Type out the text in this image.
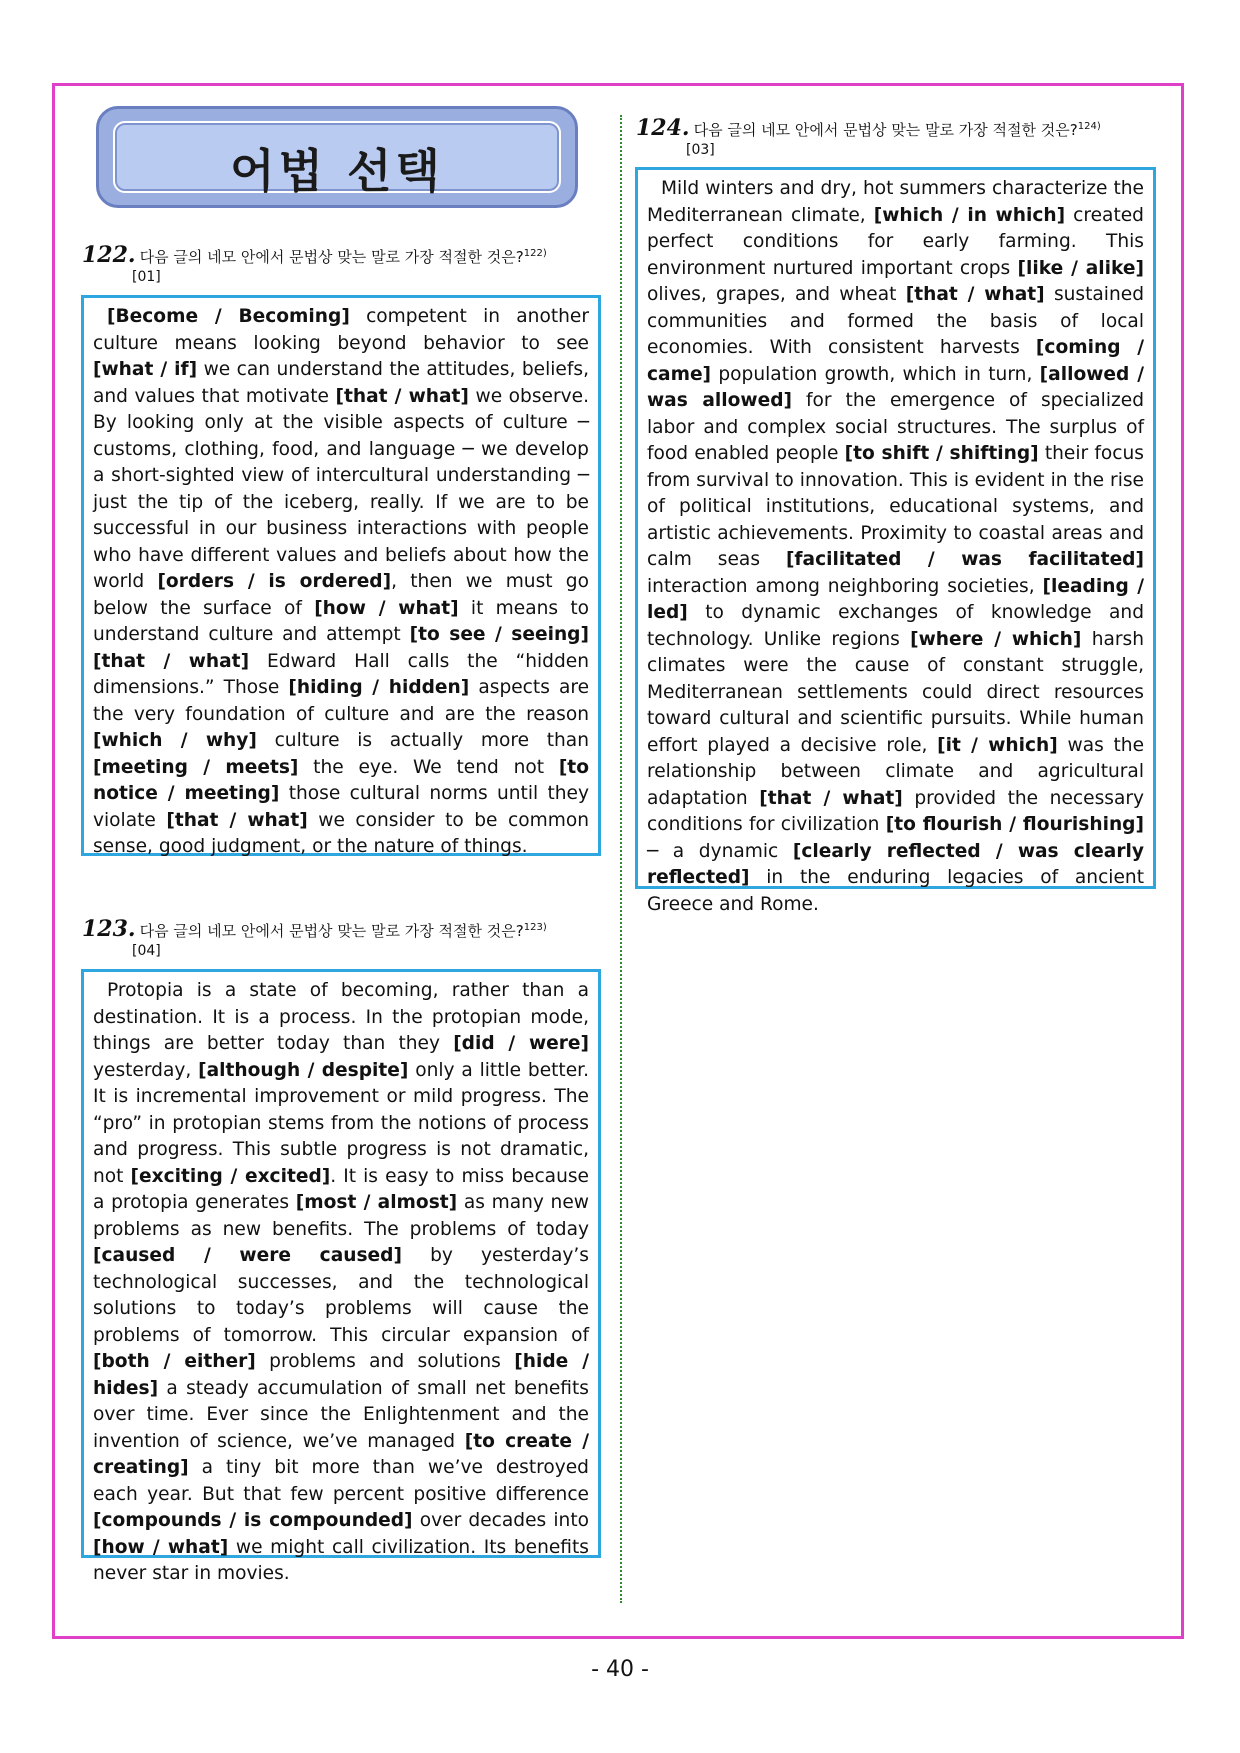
어법 선택
122. 다음 글의 네모 안에서 문법상 맞는 말로 가장 적절한 것은?$^{122)}$
[01]
[Become / Becoming] competent in another culture means looking beyond behavior to see [what / if] we can understand the attitudes, beliefs, and values that motivate [that / what] we observe. By looking only at the visible aspects of culture ─ customs, clothing, food, and language ─ we develop a short-sighted view of intercultural understanding ─ just the tip of the iceberg, really. If we are to be successful in our business interactions with people who have different values and beliefs about how the world [orders / is ordered], then we must go below the surface of [how / what] it means to understand culture and attempt [to see / seeing] [that / what] Edward Hall calls the “hidden dimensions.” Those [hiding / hidden] aspects are the very foundation of culture and are the reason [which / why] culture is actually more than [meeting / meets] the eye. We tend not [to notice / meeting] those cultural norms until they violate [that / what] we consider to be common sense, good judgment, or the nature of things.
123. 다음 글의 네모 안에서 문법상 맞는 말로 가장 적절한 것은?$^{123)}$
[04]
Protopia is a state of becoming, rather than a destination. It is a process. In the protopian mode, things are better today than they [did / were] yesterday, [although / despite] only a little better. It is incremental improvement or mild progress. The “pro” in protopian stems from the notions of process and progress. This subtle progress is not dramatic, not [exciting / excited]. It is easy to miss because a protopia generates [most / almost] as many new problems as new benefits. The problems of today [caused / were caused] by yesterday’s technological successes, and the technological solutions to today’s problems will cause the problems of tomorrow. This circular expansion of [both / either] problems and solutions [hide / hides] a steady accumulation of small net benefits over time. Ever since the Enlightenment and the invention of science, we’ve managed [to create / creating] a tiny bit more than we’ve destroyed each year. But that few percent positive difference [compounds / is compounded] over decades into [how / what] we might call civilization. Its benefits never star in movies.
124. 다음 글의 네모 안에서 문법상 맞는 말로 가장 적절한 것은?$^{124)}$
[03]
Mild winters and dry, hot summers characterize the Mediterranean climate, [which / in which] created perfect conditions for early farming. This environment nurtured important crops [like / alike] olives, grapes, and wheat [that / what] sustained communities and formed the basis of local economies. With consistent harvests [coming / came] population growth, which in turn, [allowed / was allowed] for the emergence of specialized labor and complex social structures. The surplus of food enabled people [to shift / shifting] their focus from survival to innovation. This is evident in the rise of political institutions, educational systems, and artistic achievements. Proximity to coastal areas and calm seas [facilitated / was facilitated] interaction among neighboring societies, [leading / led] to dynamic exchanges of knowledge and technology. Unlike regions [where / which] harsh climates were the cause of constant struggle, Mediterranean settlements could direct resources toward cultural and scientific pursuits. While human effort played a decisive role, [it / which] was the relationship between climate and agricultural adaptation [that / what] provided the necessary conditions for civilization [to flourish / flourishing] ─ a dynamic [clearly reflected / was clearly reflected] in the enduring legacies of ancient Greece and Rome.
- 40 -
